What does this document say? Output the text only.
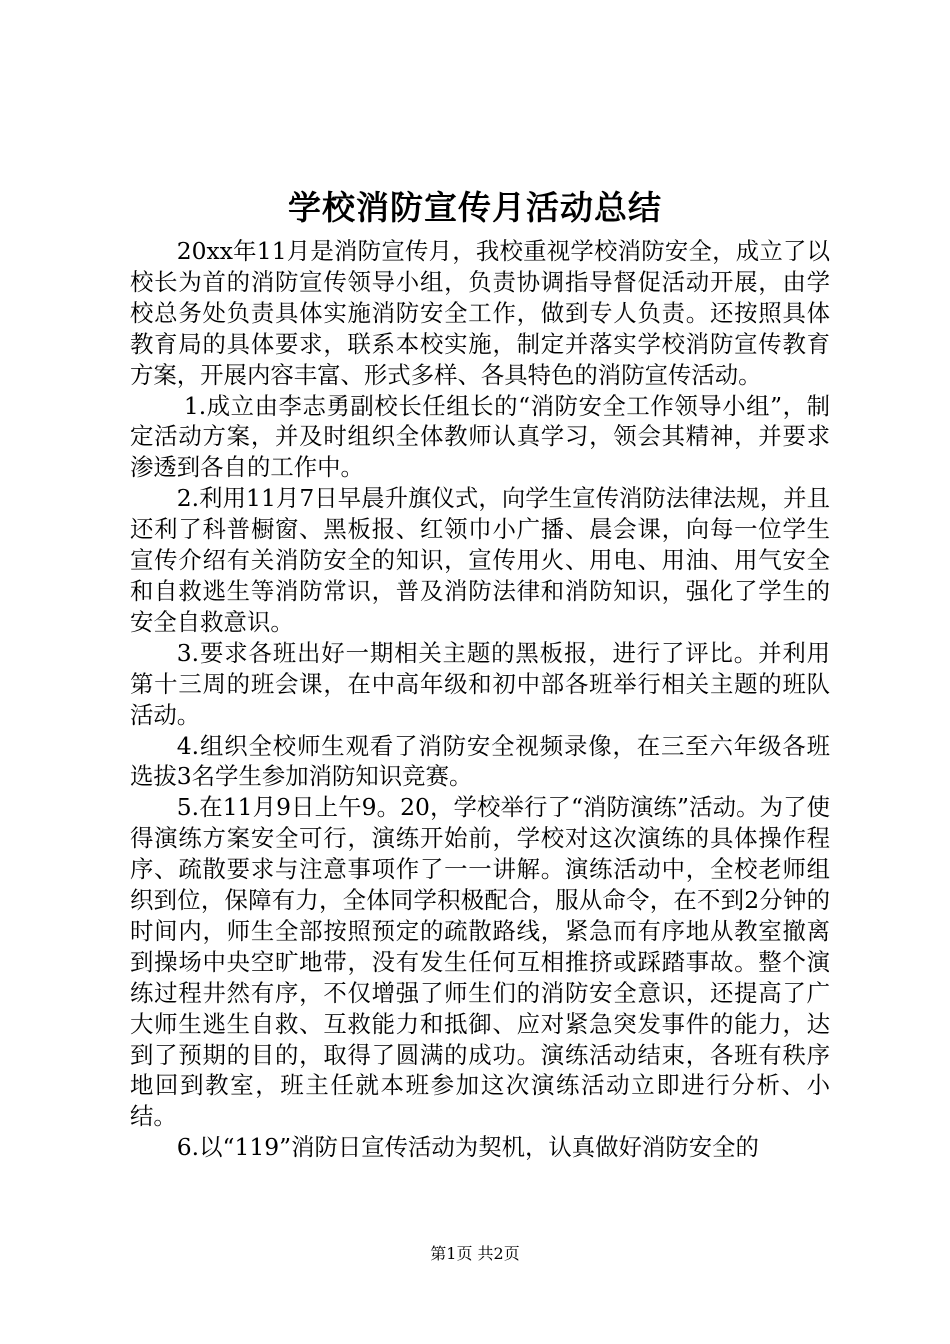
学校消防宣传月活动总结

20xx年11月是消防宣传月，我校重视学校消防安全，成立了以校长为首的消防宣传领导小组，负责协调指导督促活动开展，由学校总务处负责具体实施消防安全工作，做到专人负责。还按照具体教育局的具体要求，联系本校实施，制定并落实学校消防宣传教育方案，开展内容丰富、形式多样、各具特色的消防宣传活动。

1.成立由李志勇副校长任组长的“消防安全工作领导小组”，制定活动方案，并及时组织全体教师认真学习，领会其精神，并要求渗透到各自的工作中。

2.利用11月7日早晨升旗仪式，向学生宣传消防法律法规，并且还利了科普橱窗、黑板报、红领巾小广播、晨会课，向每一位学生宣传介绍有关消防安全的知识，宣传用火、用电、用油、用气安全和自救逃生等消防常识，普及消防法律和消防知识，强化了学生的安全自救意识。

3.要求各班出好一期相关主题的黑板报，进行了评比。并利用第十三周的班会课，在中高年级和初中部各班举行相关主题的班队活动。

4.组织全校师生观看了消防安全视频录像，在三至六年级各班选拔3名学生参加消防知识竞赛。

5.在11月9日上午9。20，学校举行了“消防演练”活动。为了使得演练方案安全可行，演练开始前，学校对这次演练的具体操作程序、疏散要求与注意事项作了一一讲解。演练活动中，全校老师组织到位，保障有力，全体同学积极配合，服从命令，在不到2分钟的时间内，师生全部按照预定的疏散路线，紧急而有序地从教室撤离到操场中央空旷地带，没有发生任何互相推挤或踩踏事故。整个演练过程井然有序，不仅增强了师生们的消防安全意识，还提高了广大师生逃生自救、互救能力和抵御、应对紧急突发事件的能力，达到了预期的目的，取得了圆满的成功。演练活动结束，各班有秩序地回到教室，班主任就本班参加这次演练活动立即进行分析、小结。

6.以“119”消防日宣传活动为契机，认真做好消防安全的

第1页 共2页
